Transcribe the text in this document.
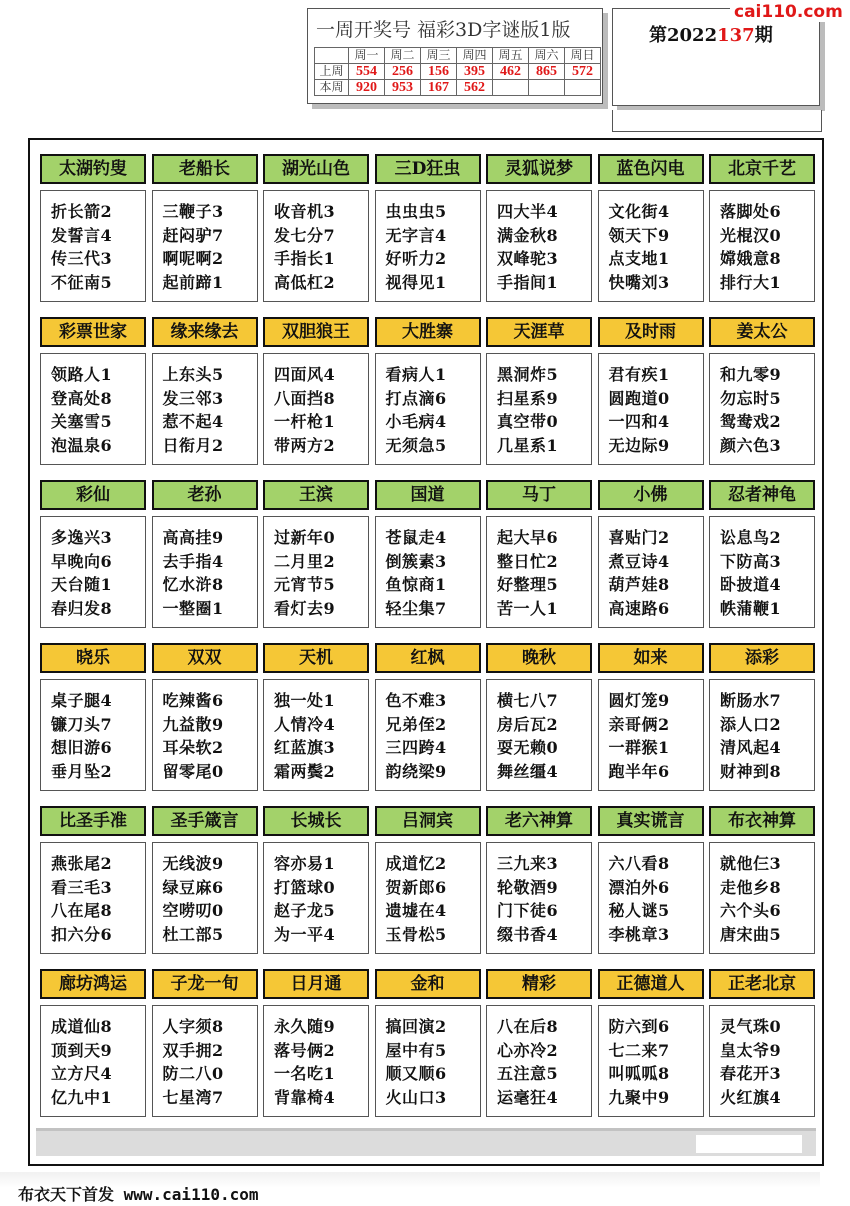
一周开奖号 福彩3D字谜版1版
	周一	周二	周三	周四	周五	周六	周日
上周	554	256	156	395	462	865	572
本周	920	953	167	562			
第2022137期
cai110.com
太湖钓叟
折长箭2
发誓言4
传三代3
不征南5
老船长
三鞭子3
赶闷驴7
啊呢啊2
起前蹄1
湖光山色
收音机3
发七分7
手指长1
高低杠2
三D狂虫
虫虫虫5
无字言4
好听力2
视得见1
灵狐说梦
四大半4
满金秋8
双峰驼3
手指间1
蓝色闪电
文化街4
领天下9
点支地1
快嘴刘3
北京千艺
落脚处6
光棍汉0
嫦娥意8
排行大1
彩票世家
领路人1
登高处8
关塞雪5
泡温泉6
缘来缘去
上东头5
发三邻3
惹不起4
日衔月2
双胆狼王
四面风4
八面挡8
一杆枪1
带两方2
大胜寨
看病人1
打点滴6
小毛病4
无须急5
天涯草
黑洞炸5
扫星系9
真空带0
几星系1
及时雨
君有疾1
圆跑道0
一四和4
无边际9
姜太公
和九零9
勿忘时5
鸳鸯戏2
颜六色3
彩仙
多逸兴3
早晚向6
天台随1
春归发8
老孙
高高挂9
去手指4
忆水浒8
一整圈1
王滨
过新年0
二月里2
元宵节5
看灯去9
国道
苍鼠走4
倒簇素3
鱼惊商1
轻尘集7
马丁
起大早6
整日忙2
好整理5
苦一人1
小佛
喜贴门2
煮豆诗4
葫芦娃8
高速路6
忍者神龟
讼息鸟2
下防高3
卧披道4
帙蒲鞭1
晓乐
桌子腿4
镰刀头7
想旧游6
垂月坠2
双双
吃辣酱6
九益散9
耳朵软2
留零尾0
天机
独一处1
人情冷4
红蓝旗3
霜两鬓2
红枫
色不难3
兄弟侄2
三四跨4
韵绕梁9
晚秋
横七八7
房后瓦2
耍无赖0
舞丝缰4
如来
圆灯笼9
亲哥俩2
一群猴1
跑半年6
添彩
断肠水7
添人口2
清风起4
财神到8
比圣手准
燕张尾2
看三毛3
八在尾8
扣六分6
圣手箴言
无线波9
绿豆麻6
空唠叨0
杜工部5
长城长
容亦易1
打篮球0
赵子龙5
为一平4
吕洞宾
成道忆2
贺新郎6
遗墟在4
玉骨松5
老六神算
三九来3
轮敬酒9
门下徒6
缀书香4
真实谎言
六八看8
漂泊外6
秘人谜5
李桃章3
布衣神算
就他仨3
走他乡8
六个头6
唐宋曲5
廊坊鸿运
成道仙8
顶到天9
立方尺4
亿九中1
子龙一旬
人字须8
双手拥2
防二八0
七星湾7
日月通
永久随9
落号俩2
一名吃1
背靠椅4
金和
搞回演2
屋中有5
顺又顺6
火山口3
精彩
八在后8
心亦冷2
五注意5
运毫狂4
正德道人
防六到6
七二来7
叫呱呱8
九聚中9
正老北京
灵气珠0
皇太爷9
春花开3
火红旗4
布衣天下首发 www.cai110.com
